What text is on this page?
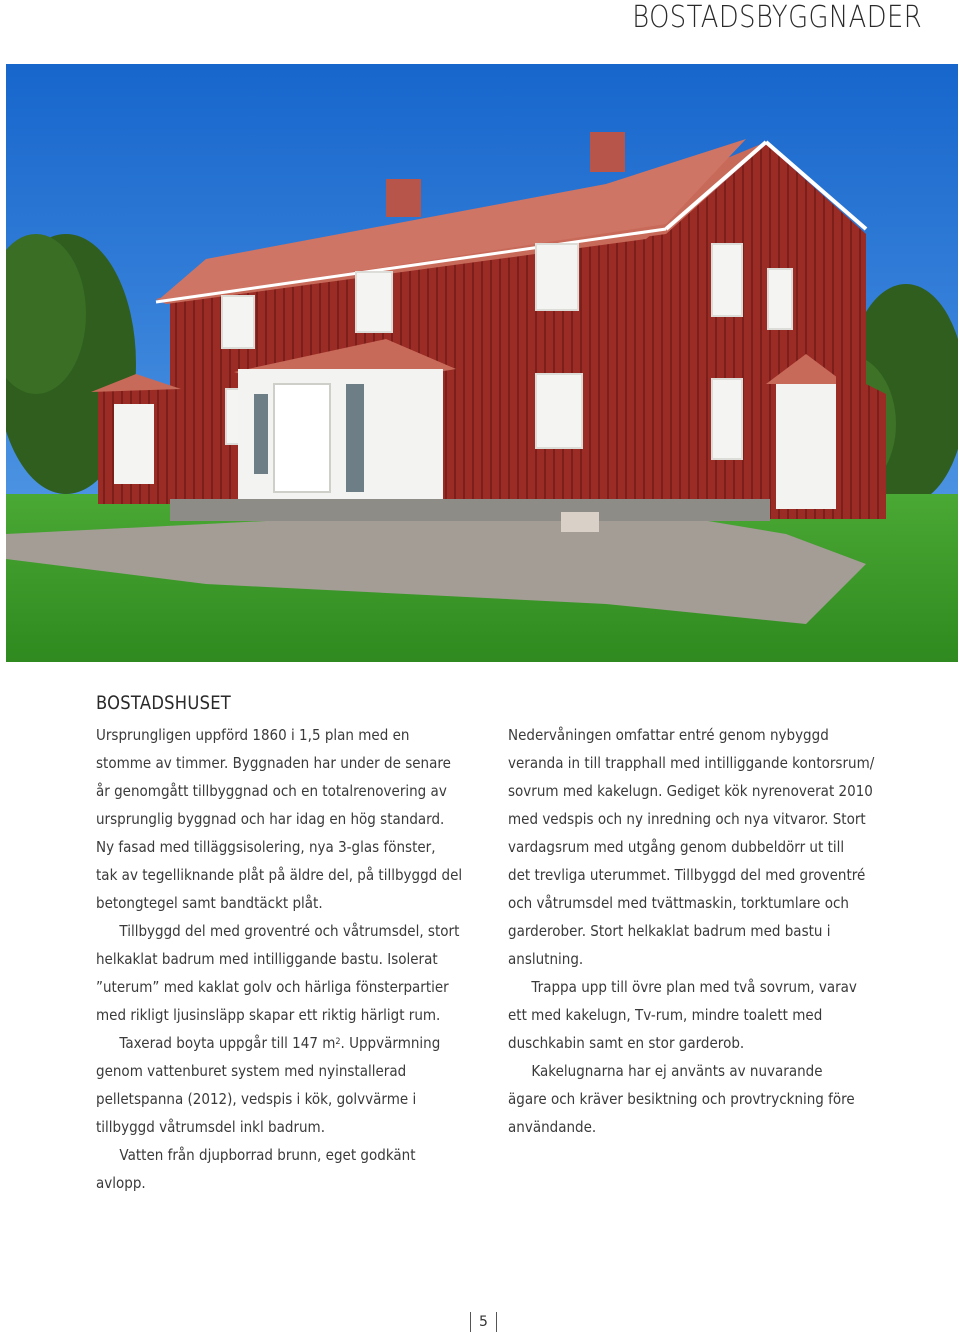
BOSTADSBYGGNADER
BOSTADSHUSET
Ursprungligen uppförd 1860 i 1,5 plan med en
stomme av timmer. Byggnaden har under de senare
år genomgått tillbyggnad och en totalrenovering av
ursprunglig byggnad och har idag en hög standard.
Ny fasad med tilläggsisolering, nya 3-glas fönster,
tak av tegelliknande plåt på äldre del, på tillbyggd del
betongtegel samt bandtäckt plåt.
Tillbyggd del med groventré och våtrumsdel, stort
helkaklat badrum med intilliggande bastu. Isolerat
”uterum” med kaklat golv och härliga fönsterpartier
med rikligt ljusinsläpp skapar ett riktig härligt rum.
Taxerad boyta uppgår till 147 $m^2$. Uppvärmning
genom vattenburet system med nyinstallerad
pelletspanna (2012), vedspis i kök, golvvärme i
tillbyggd våtrumsdel inkl badrum.
Vatten från djupborrad brunn, eget godkänt
avlopp.
Nedervåningen omfattar entré genom nybyggd
veranda in till trapphall med intilliggande kontorsrum/
sovrum med kakelugn. Gediget kök nyrenoverat 2010
med vedspis och ny inredning och nya vitvaror. Stort
vardagsrum med utgång genom dubbeldörr ut till
det trevliga uterummet. Tillbyggd del med groventré
och våtrumsdel med tvättmaskin, torktumlare och
garderober. Stort helkaklat badrum med bastu i
anslutning.
Trappa upp till övre plan med två sovrum, varav
ett med kakelugn, Tv-rum, mindre toalett med
duschkabin samt en stor garderob.
Kakelugnarna har ej använts av nuvarande
ägare och kräver besiktning och provtryckning före
användande.
5
